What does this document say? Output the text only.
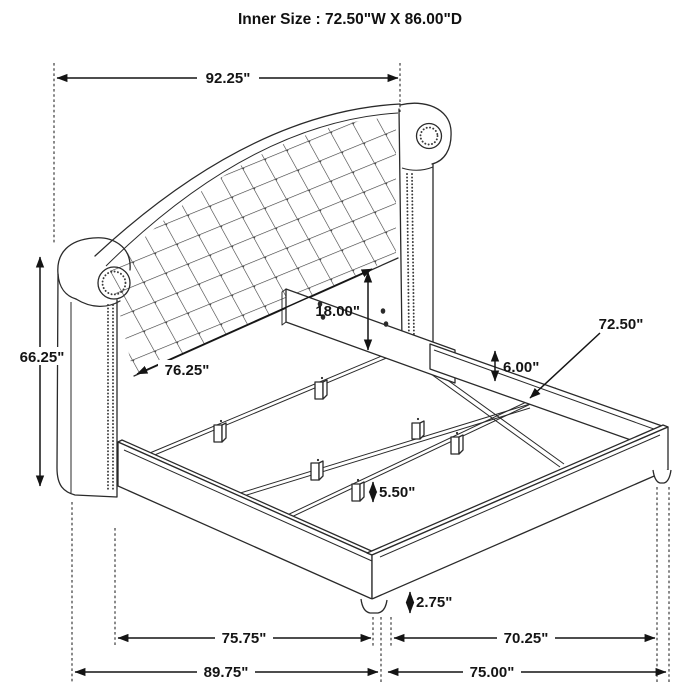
Inner Size : 72.50"W X 86.00"D
92.25"
66.25"
18.00"
76.25"
72.50"
6.00"
5.50"
2.75"
75.75"	70.25"
89.75"	75.00"
